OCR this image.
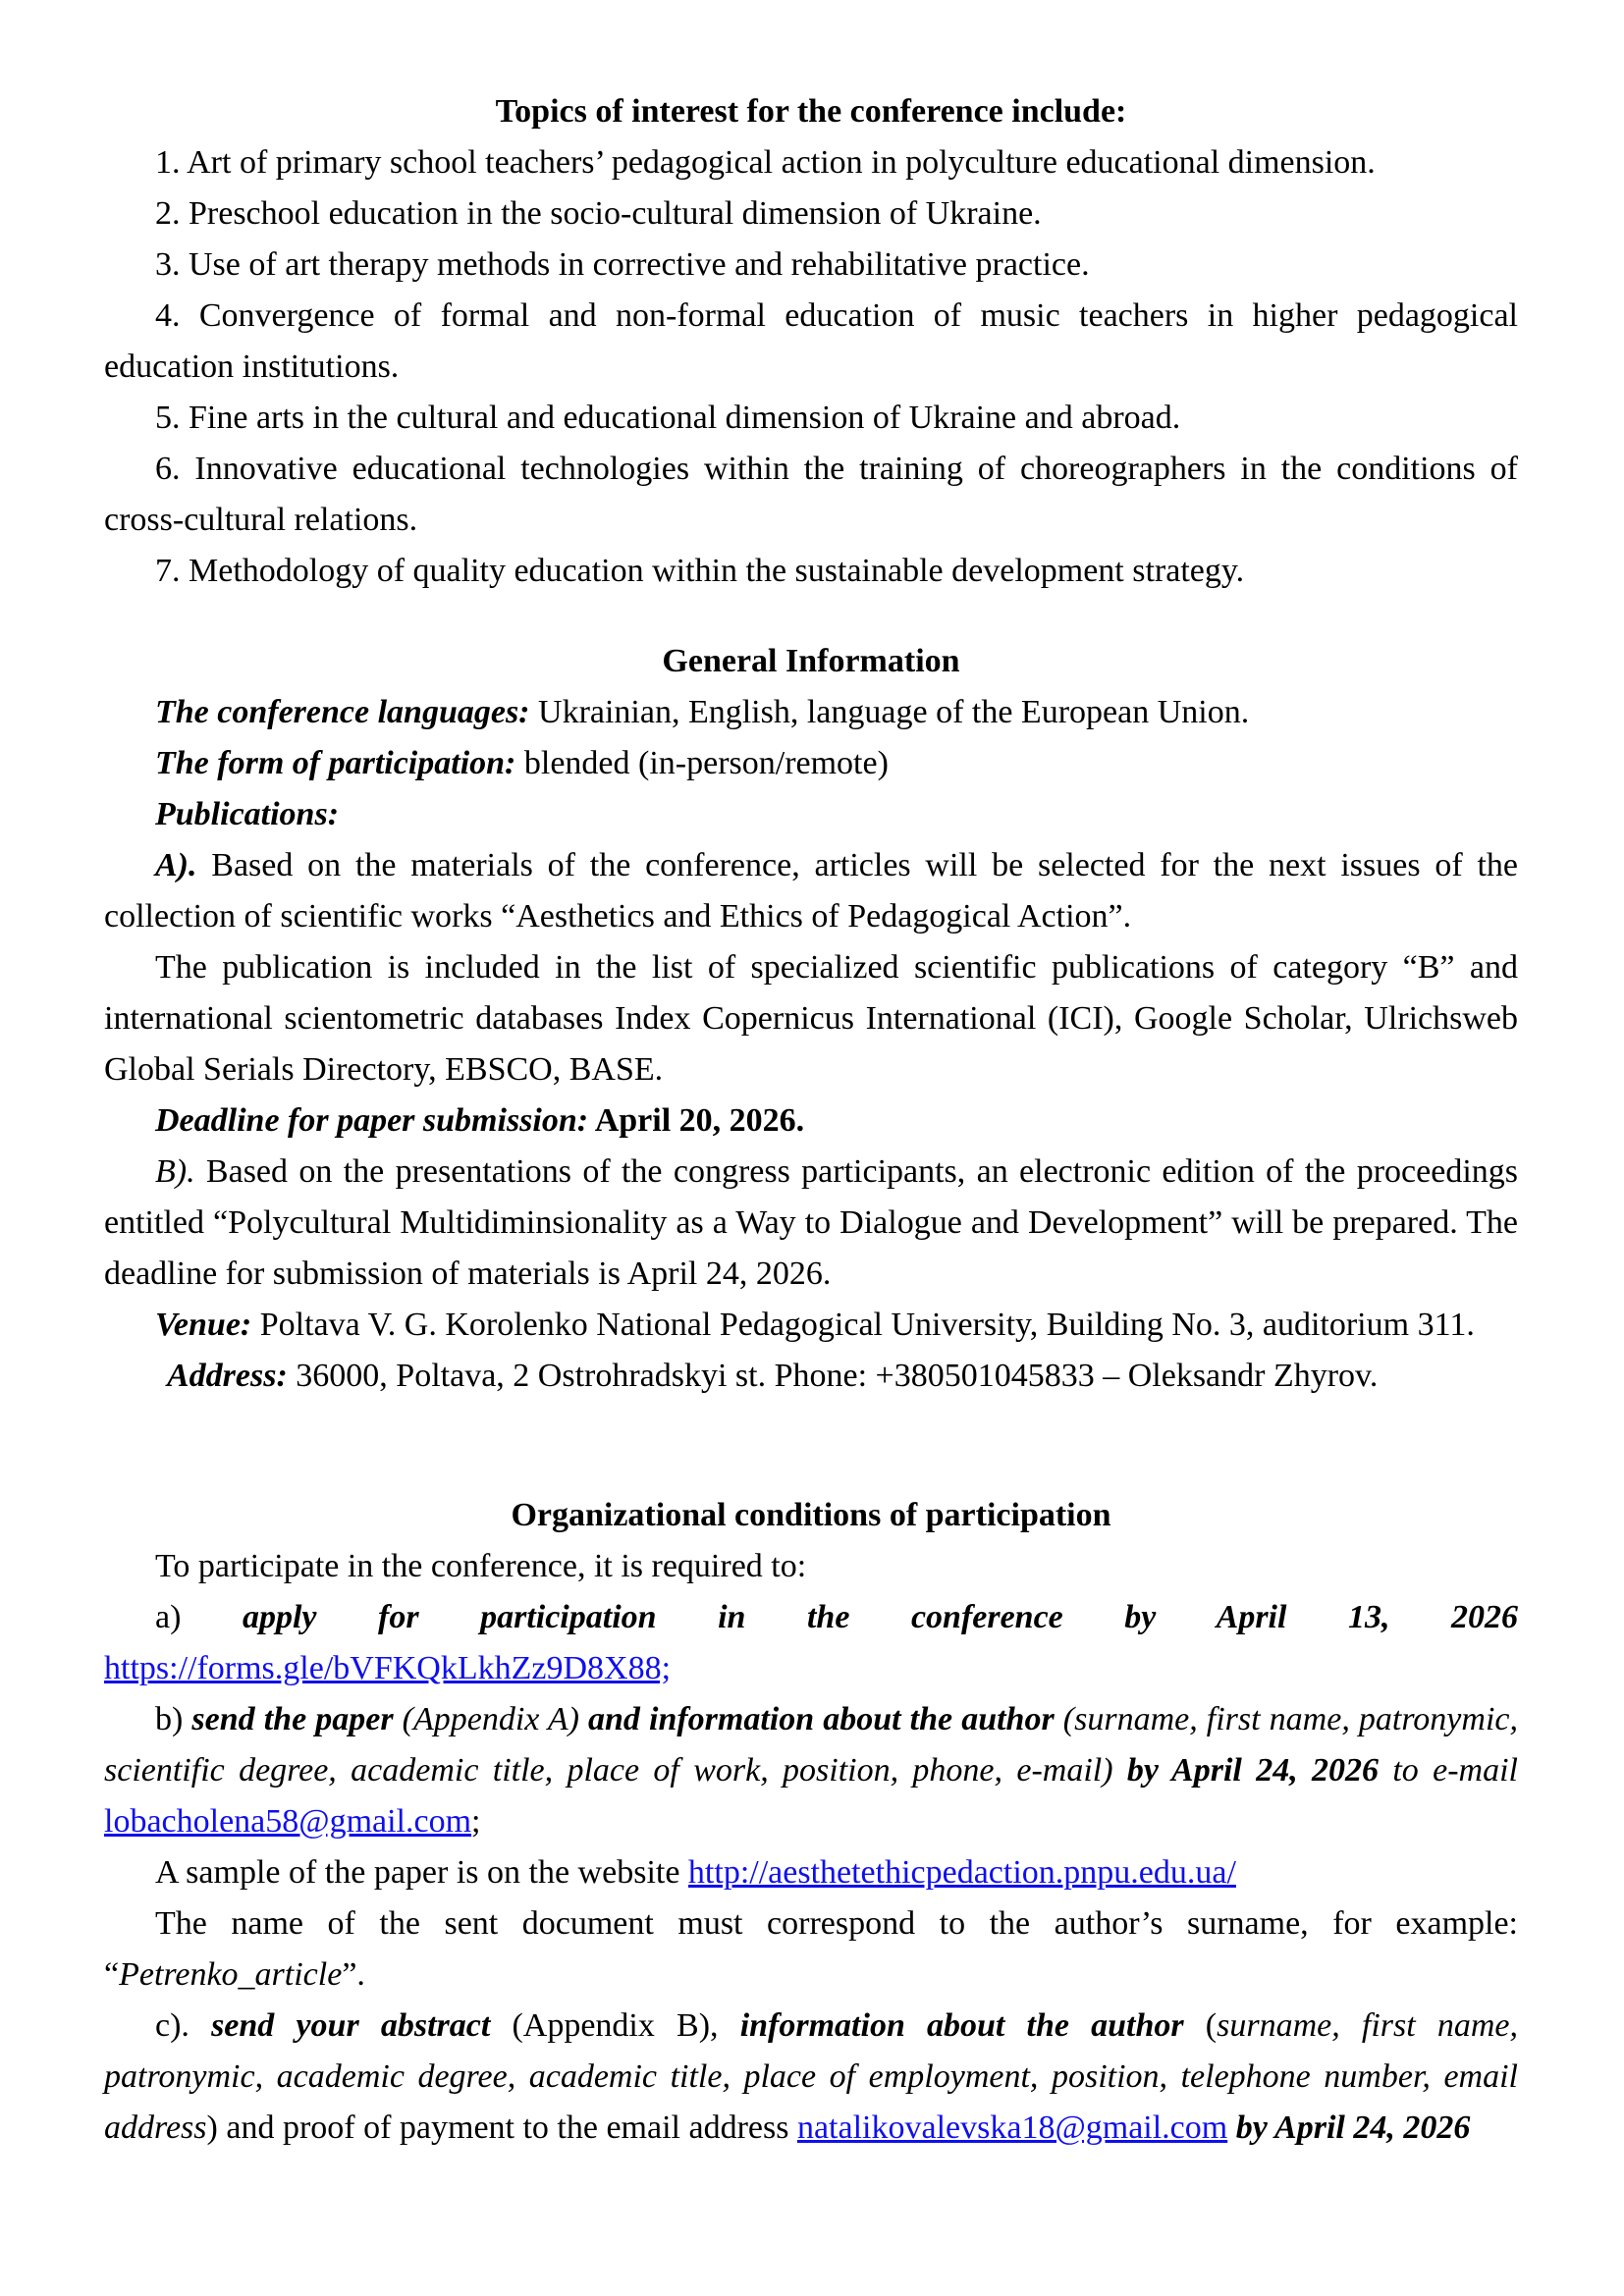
Topics of interest for the conference include:

1. Art of primary school teachers’ pedagogical action in polyculture educational dimension.

2. Preschool education in the socio-cultural dimension of Ukraine.

3. Use of art therapy methods in corrective and rehabilitative practice.

4. Convergence of formal and non-formal education of music teachers in higher pedagogical education institutions.

5. Fine arts in the cultural and educational dimension of Ukraine and abroad.

6. Innovative educational technologies within the training of choreographers in the conditions of cross-cultural relations.

7. Methodology of quality education within the sustainable development strategy.

General Information

The conference languages: Ukrainian, English, language of the European Union.

The form of participation: blended (in-person/remote)

Publications:

A). Based on the materials of the conference, articles will be selected for the next issues of the collection of scientific works “Aesthetics and Ethics of Pedagogical Action”.

The publication is included in the list of specialized scientific publications of category “B” and international scientometric databases Index Copernicus International (ICI), Google Scholar, Ulrichsweb Global Serials Directory, EBSCO, BASE.

Deadline for paper submission: April 20, 2026.

B). Based on the presentations of the congress participants, an electronic edition of the proceedings entitled “Polycultural Multidiminsionality as a Way to Dialogue and Development” will be prepared. The deadline for submission of materials is April 24, 2026.

Venue: Poltava V. G. Korolenko National Pedagogical University, Building No. 3, auditorium 311.

Address: 36000, Poltava, 2 Ostrohradskyi st. Phone: +380501045833 – Oleksandr Zhyrov.

Organizational conditions of participation

To participate in the conference, it is required to:

a) apply for participation in the conference by April 13, 2026

https://forms.gle/bVFKQkLkhZz9D8X88;

b) send the paper (Appendix A) and information about the author (surname, first name, patronymic, scientific degree, academic title, place of work, position, phone, e-mail) by April 24, 2026 to e-mail lobacholena58@gmail.com;

A sample of the paper is on the website http://aesthetethicpedaction.pnpu.edu.ua/

The name of the sent document must correspond to the author’s surname, for example: “Petrenko_article”.

c). send your abstract (Appendix B), information about the author (surname, first name, patronymic, academic degree, academic title, place of employment, position, telephone number, email address) and proof of payment to the email address natalikovalevska18@gmail.com by April 24, 2026
